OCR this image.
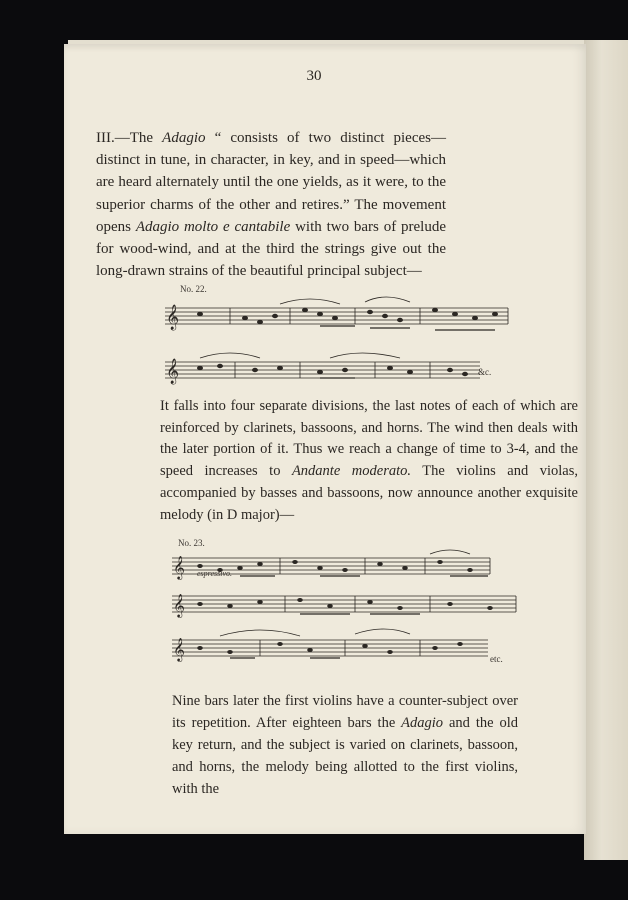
30

III.—The Adagio “ consists of two distinct pieces—distinct in tune, in character, in key, and in speed—which are heard alternately until the one yields, as it were, to the superior charms of the other and retires.” The movement opens Adagio molto e cantabile with two bars of prelude for wood-wind, and at the third the strings give out the long-drawn strains of the beautiful principal subject—

No. 22.
𝄞
𝄞	&c.

It falls into four separate divisions, the last notes of each of which are reinforced by clarinets, bassoons, and horns. The wind then deals with the later portion of it. Thus we reach a change of time to 3-4, and the speed increases to Andante moderato. The violins and violas, accompanied by basses and bassoons, now announce another exquisite melody (in D major)—

No. 23.
𝄞
𝄞
𝄞
espressivo.
etc.

Nine bars later the first violins have a counter-subject over its repetition. After eighteen bars the Adagio and the old key return, and the subject is varied on clarinets, bassoon, and horns, the melody being allotted to the first violins, with the
